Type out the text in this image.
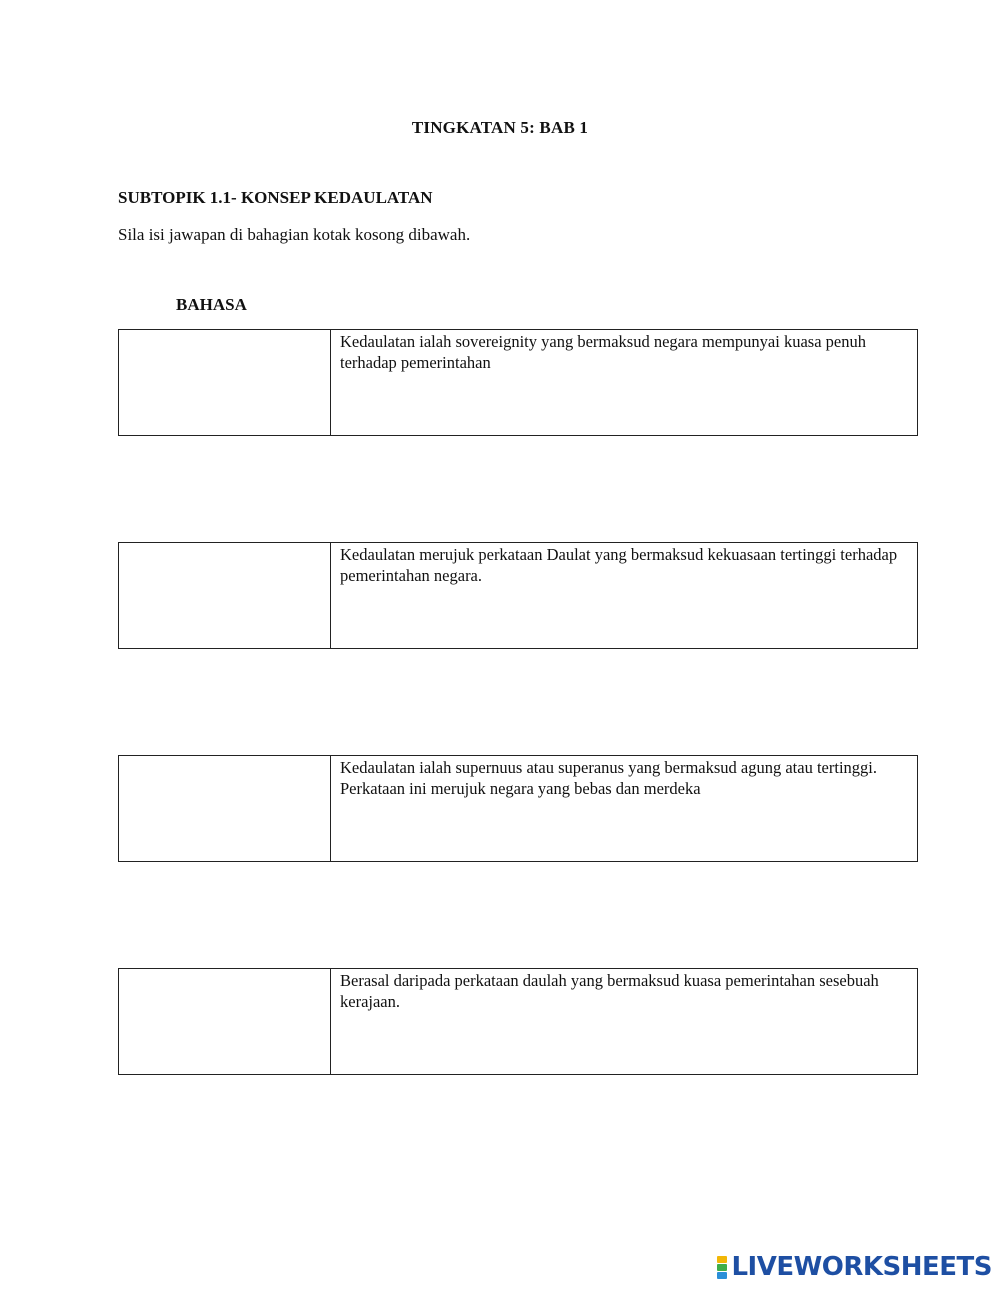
TINGKATAN 5: BAB 1
SUBTOPIK 1.1- KONSEP KEDAULATAN
Sila isi jawapan di bahagian kotak kosong dibawah.
BAHASA
Kedaulatan ialah sovereignity yang bermaksud negara mempunyai kuasa penuh terhadap pemerintahan
Kedaulatan merujuk perkataan Daulat yang bermaksud kekuasaan tertinggi terhadap pemerintahan negara.
Kedaulatan ialah supernuus atau superanus yang bermaksud agung atau tertinggi. Perkataan ini merujuk negara yang bebas dan merdeka
Berasal daripada perkataan daulah yang bermaksud kuasa pemerintahan sesebuah kerajaan.
LIVEWORKSHEETS
